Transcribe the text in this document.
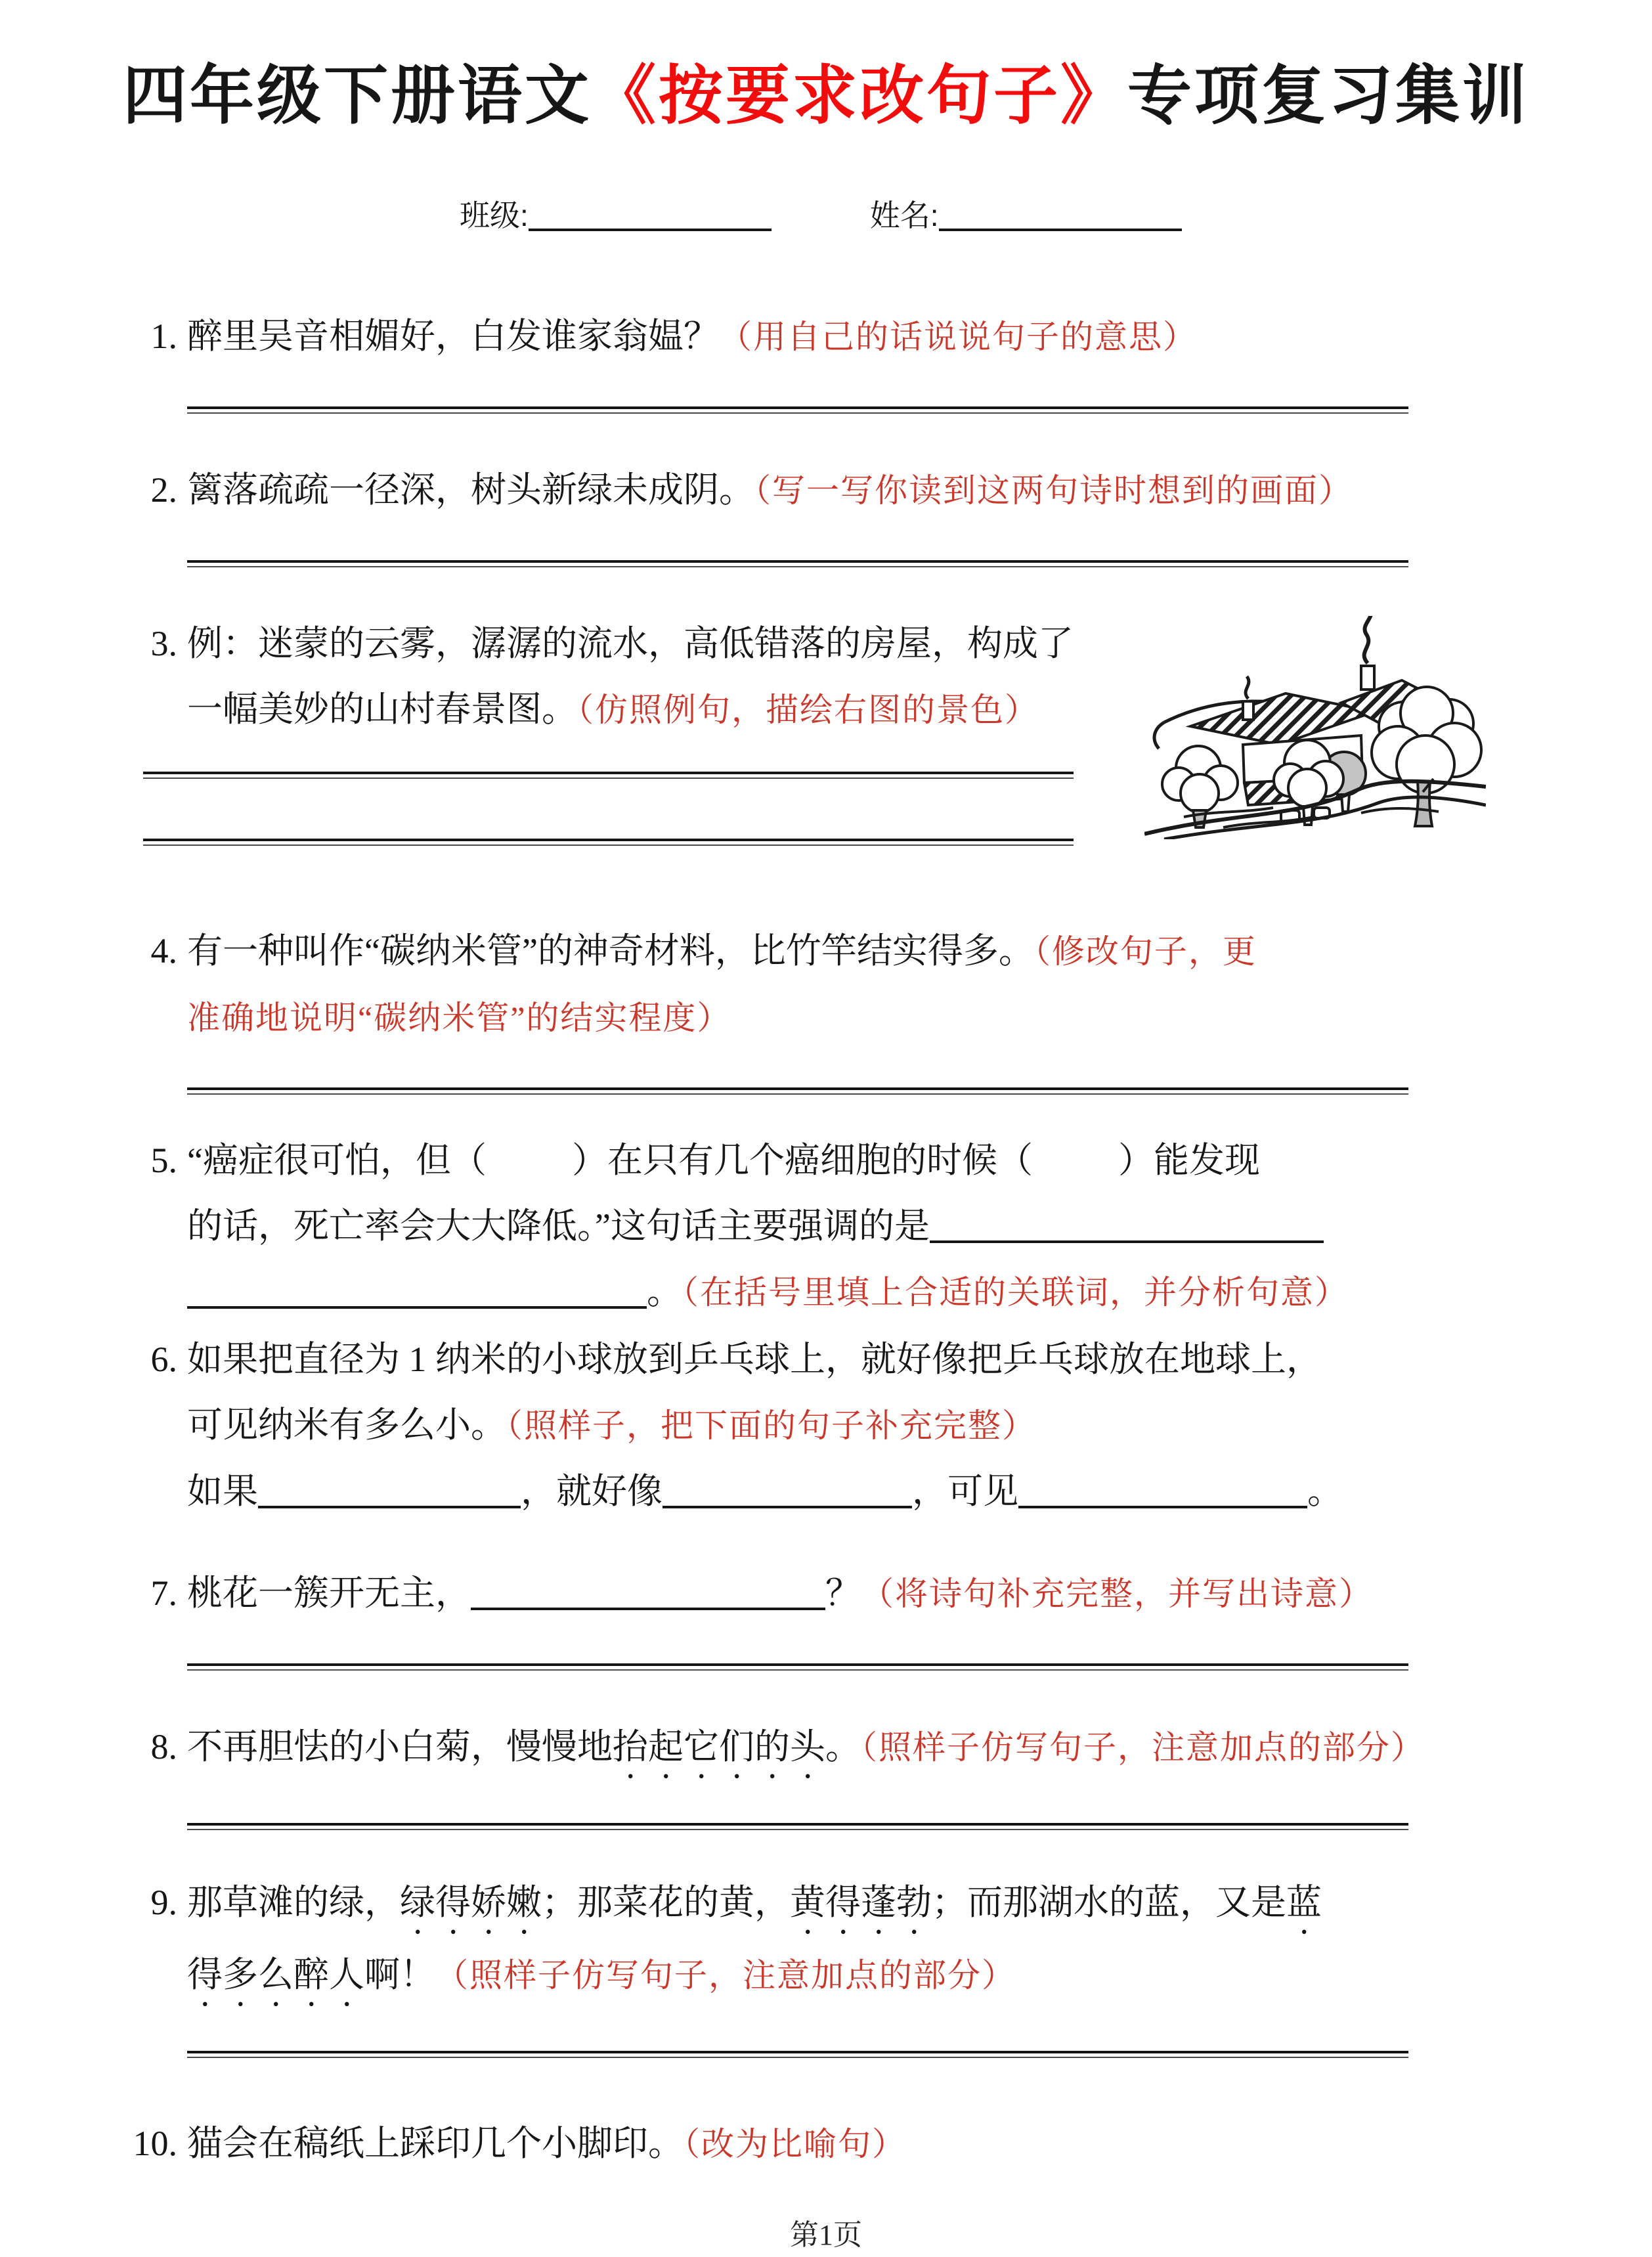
四年级下册语文《按要求改句子》专项复习集训
班级:	姓名:
1. 醉里吴音相媚好，白发谁家翁媪？（用自己的话说说句子的意思）
2. 篱落疏疏一径深，树头新绿未成阴。（写一写你读到这两句诗时想到的画面）
3. 例：迷蒙的云雾，潺潺的流水，高低错落的房屋，构成了
一幅美妙的山村春景图。（仿照例句，描绘右图的景色）
4. 有一种叫作“碳纳米管”的神奇材料，比竹竿结实得多。（修改句子，更
准确地说明“碳纳米管”的结实程度）
5. “癌症很可怕，但（ ）在只有几个癌细胞的时候（ ）能发现
的话，死亡率会大大降低。”这句话主要强调的是
。（在括号里填上合适的关联词，并分析句意）
6. 如果把直径为 1 纳米的小球放到乒乓球上，就好像把乒乓球放在地球上，
可见纳米有多么小。（照样子，把下面的句子补充完整）
如果	，就好像	，可见	。
7. 桃花一簇开无主，	？（将诗句补充完整，并写出诗意）
8. 不再胆怯的小白菊，慢慢地抬起它们的头。（照样子仿写句子，注意加点的部分）
9. 那草滩的绿，绿得娇嫩；那菜花的黄，黄得蓬勃；而那湖水的蓝，又是蓝
得多么醉人啊！（照样子仿写句子，注意加点的部分）
10. 猫会在稿纸上踩印几个小脚印。（改为比喻句）
第1页
